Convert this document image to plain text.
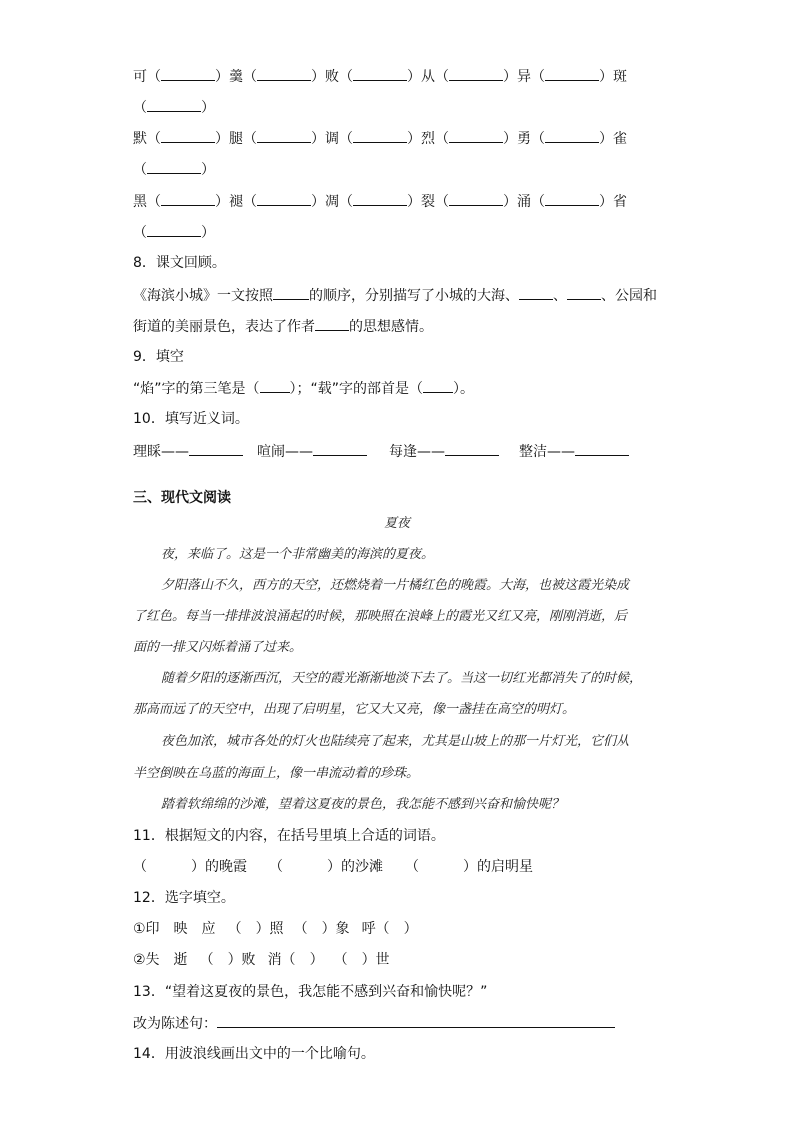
可（	）羹（	）败（	）从（	）异（	）斑
（	）
默（	）腿（	）调（	）烈（	）勇（	）雀
（	）
黑（	）褪（	）凋（	）裂（	）涌（	）省
（	）
8．课文回顾。
《海滨小城》一文按照	的顺序，分别描写了小城的大海、 、 、公园和
街道的美丽景色，表达了作者 的思想感情。
9．填空
“焰”字的第三笔是（ ）；“载”字的部首是（ ）。
10．填写近义词。
理睬——	喧闹——	每逢——	整洁——
三、现代文阅读
夏夜
夜，来临了。这是一个非常幽美的海滨的夏夜。
夕阳落山不久，西方的天空，还燃烧着一片橘红色的晚霞。大海，也被这霞光染成
了红色。每当一排排波浪涌起的时候，那映照在浪峰上的霞光又红又亮，刚刚消逝，后
面的一排又闪烁着涌了过来。
随着夕阳的逐渐西沉，天空的霞光渐渐地淡下去了。当这一切红光都消失了的时候，
那高而远了的天空中，出现了启明星，它又大又亮，像一盏挂在高空的明灯。
夜色加浓，城市各处的灯火也陆续亮了起来，尤其是山坡上的那一片灯光，它们从
半空倒映在乌蓝的海面上，像一串流动着的珍珠。
踏着软绵绵的沙滩，望着这夏夜的景色，我怎能不感到兴奋和愉快呢？
11．根据短文的内容，在括号里填上合适的词语。
（	）的晚霞 （	）的沙滩 （	）的启明星
12．选字填空。
①印　映　应 （ ）照 （ ）象 呼（ ）
②失　逝 （ ）败 消（ ） （ ）世
13．“望着这夏夜的景色，我怎能不感到兴奋和愉快呢？”
改为陈述句：
14．用波浪线画出文中的一个比喻句。
